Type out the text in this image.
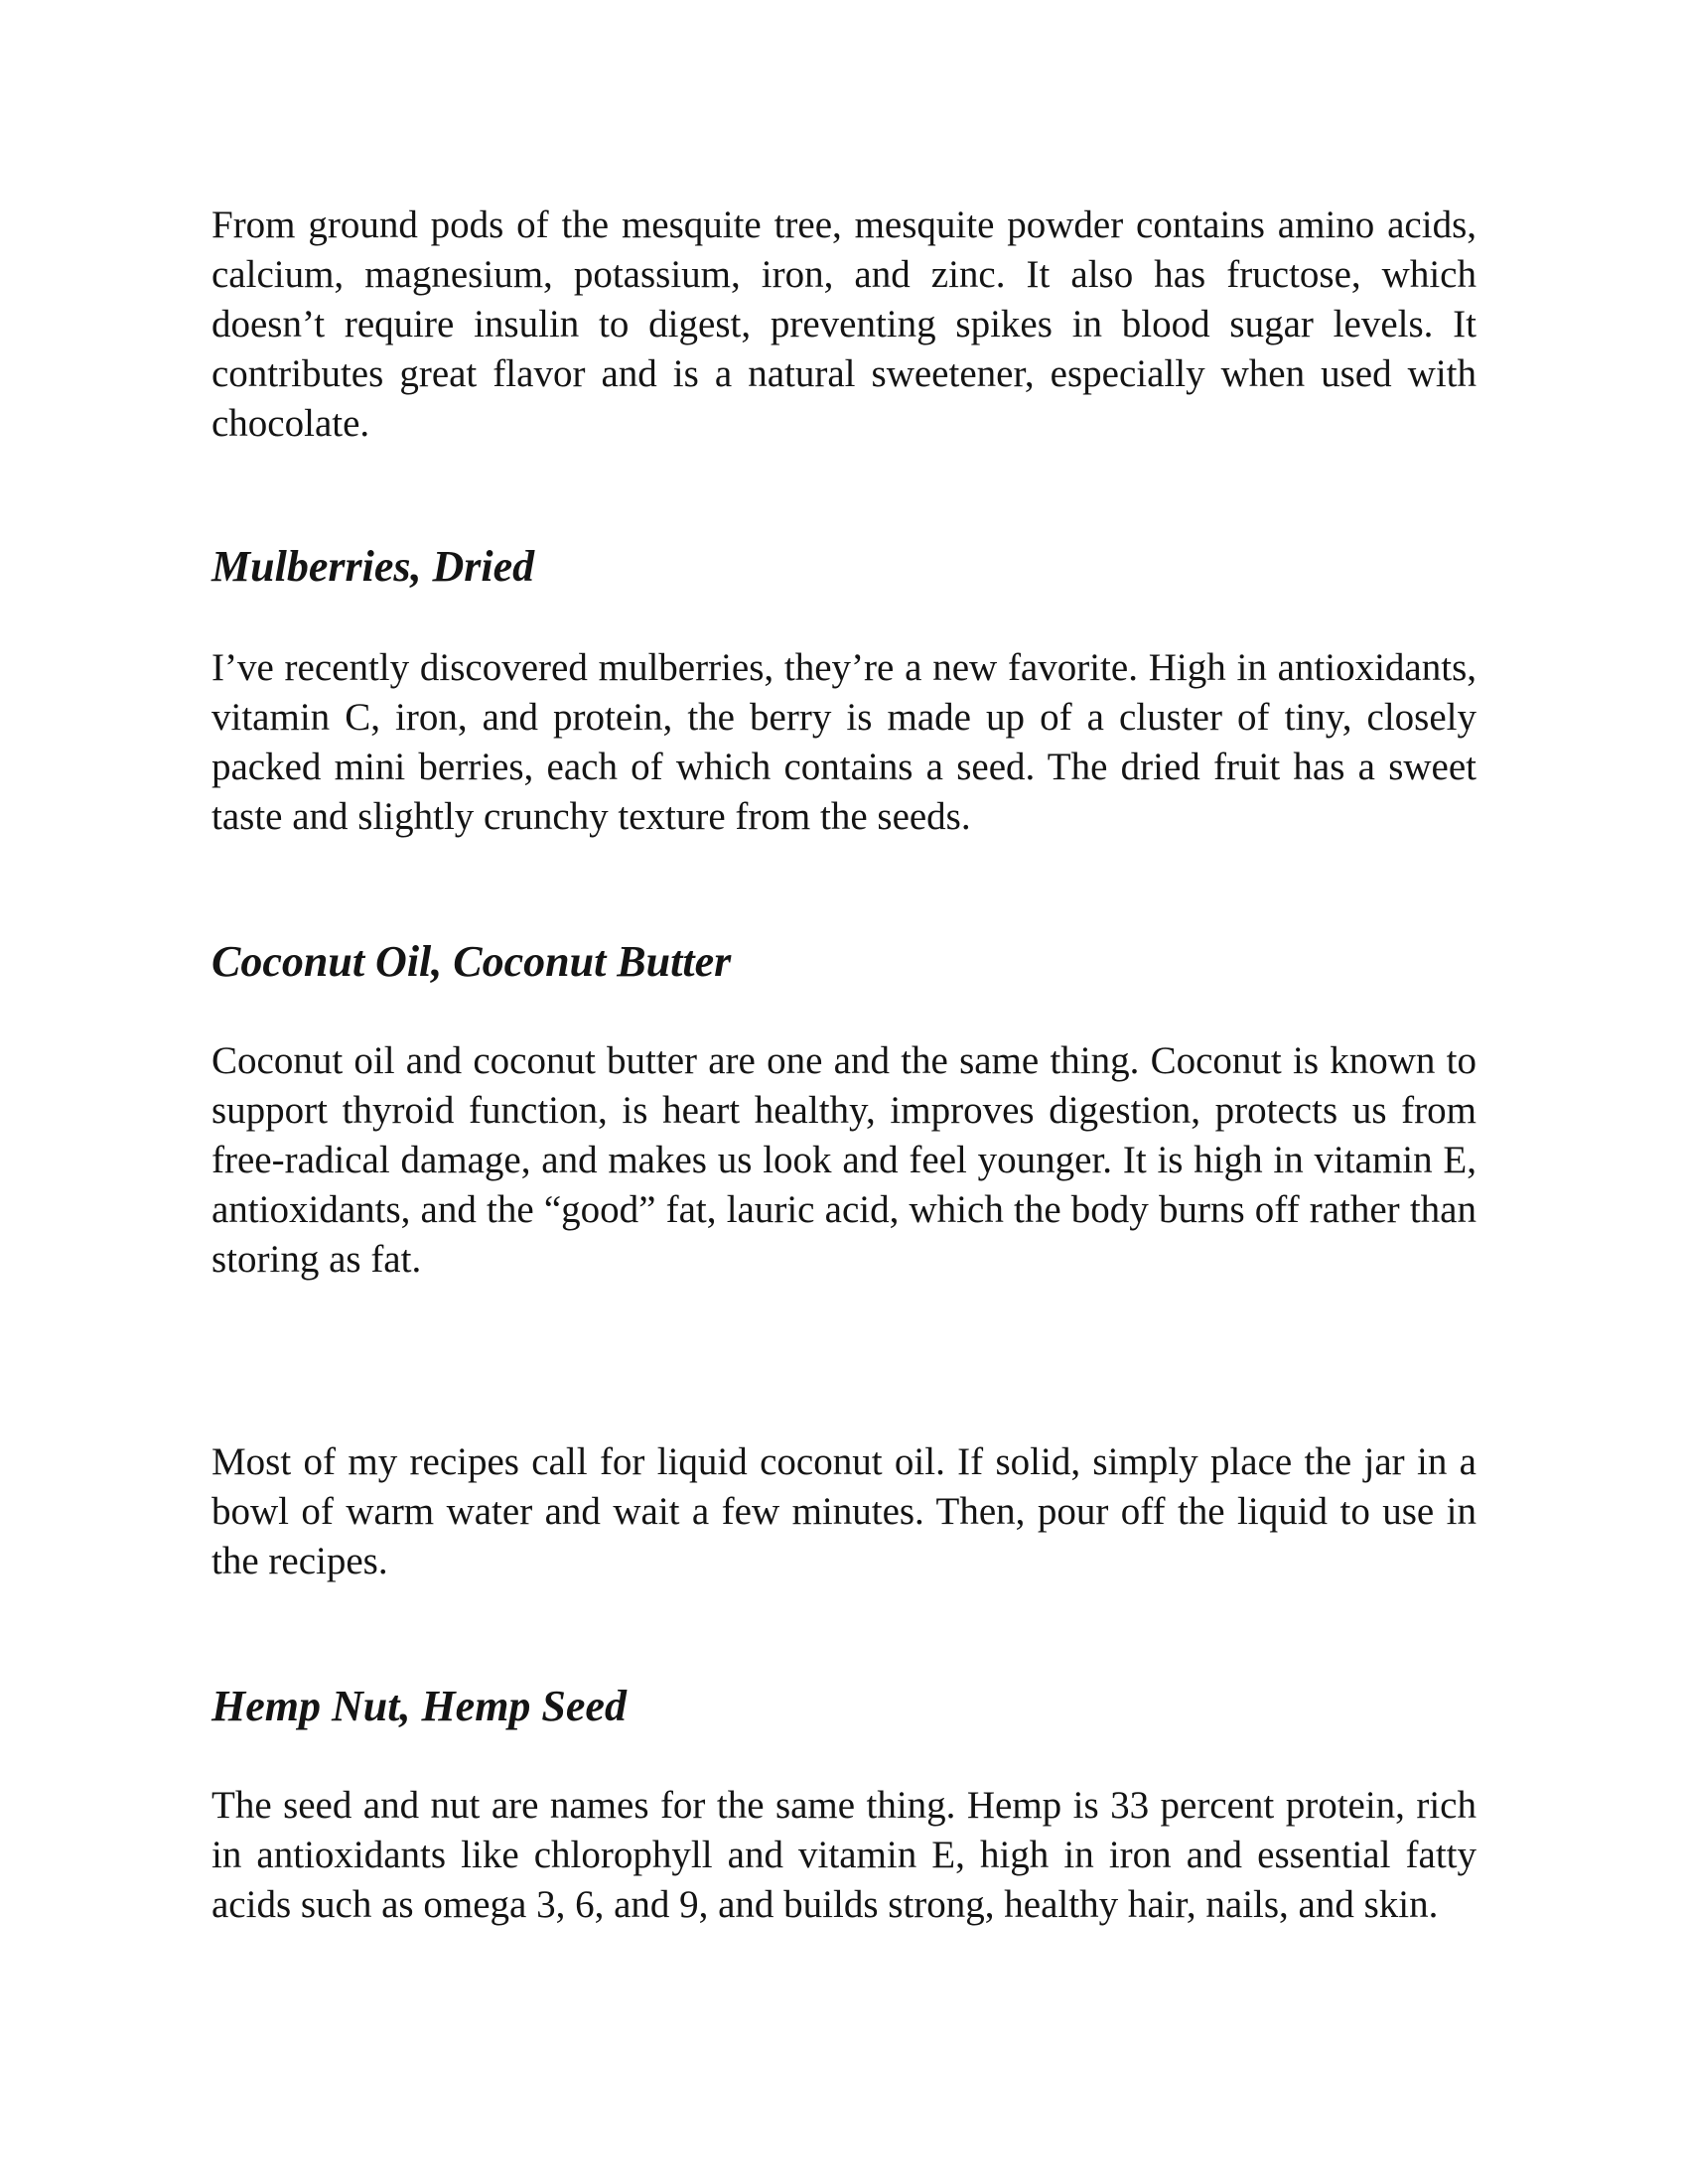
From ground pods of the mesquite tree, mesquite powder contains amino acids, calcium, magnesium, potassium, iron, and zinc. It also has fructose, which doesn’t require insulin to digest, preventing spikes in blood sugar levels. It contributes great flavor and is a natural sweetener, especially when used with chocolate.

Mulberries, Dried

I’ve recently discovered mulberries, they’re a new favorite. High in antioxidants, vitamin C, iron, and protein, the berry is made up of a cluster of tiny, closely packed mini berries, each of which contains a seed. The dried fruit has a sweet taste and slightly crunchy texture from the seeds.

Coconut Oil, Coconut Butter

Coconut oil and coconut butter are one and the same thing. Coconut is known to support thyroid function, is heart healthy, improves digestion, protects us from free-radical damage, and makes us look and feel younger. It is high in vitamin E, antioxidants, and the “good” fat, lauric acid, which the body burns off rather than storing as fat.

Most of my recipes call for liquid coconut oil. If solid, simply place the jar in a bowl of warm water and wait a few minutes. Then, pour off the liquid to use in the recipes.

Hemp Nut, Hemp Seed

The seed and nut are names for the same thing. Hemp is 33 percent protein, rich in antioxidants like chlorophyll and vitamin E, high in iron and essential fatty acids such as omega 3, 6, and 9, and builds strong, healthy hair, nails, and skin.
